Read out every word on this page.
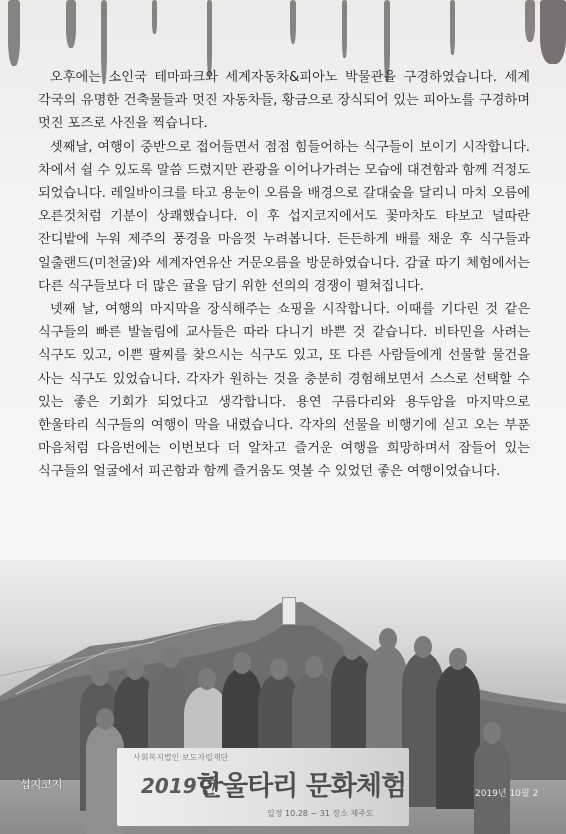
오후에는 소인국 테마파크와 세계자동차&피아노 박물관을 구경하였습니다. 세계 각국의 유명한 건축물들과 멋진 자동차들, 황금으로 장식되어 있는 피아노를 구경하며 멋진 포즈로 사진을 찍습니다.

셋째날, 여행이 중반으로 접어들면서 점점 힘들어하는 식구들이 보이기 시작합니다. 차에서 쉴 수 있도록 말씀 드렸지만 관광을 이어나가려는 모습에 대견함과 함께 걱정도 되었습니다. 레일바이크를 타고 용눈이 오름을 배경으로 갈대숲을 달리니 마치 오름에 오른것처럼 기분이 상쾌했습니다. 이 후 섭지코지에서도 꽃마차도 타보고 널따란 잔디밭에 누워 제주의 풍경을 마음껏 누려봅니다. 든든하게 배를 채운 후 식구들과 일출랜드(미천굴)와 세계자연유산 거문오름을 방문하였습니다. 감귤 따기 체험에서는 다른 식구들보다 더 많은 귤을 담기 위한 선의의 경쟁이 펼쳐집니다.

넷째 날, 여행의 마지막을 장식해주는 쇼핑을 시작합니다. 이때를 기다린 것 같은 식구들의 빠른 발놀림에 교사들은 따라 다니기 바쁜 것 같습니다. 비타민을 사려는 식구도 있고, 이쁜 팔찌를 찾으시는 식구도 있고, 또 다른 사람들에게 선물할 물건을 사는 식구도 있었습니다. 각자가 원하는 것을 충분히 경험해보면서 스스로 선택할 수 있는 좋은 기회가 되었다고 생각합니다. 용연 구름다리와 용두암을 마지막으로 한울타리 식구들의 여행이 막을 내렸습니다. 각자의 선물을 비행기에 싣고 오는 부푼 마음처럼 다음번에는 이번보다 더 알차고 즐거운 여행을 희망하며서 잠들어 있는 식구들의 얼굴에서 피곤함과 함께 즐거움도 엿볼 수 있었던 좋은 여행이었습니다.

사회복지법인 보도자립재단
2019년
한울타리 문화체험
일정 10.28 ~ 31 장소 제주도
섭지코지
2019년 10월 2
